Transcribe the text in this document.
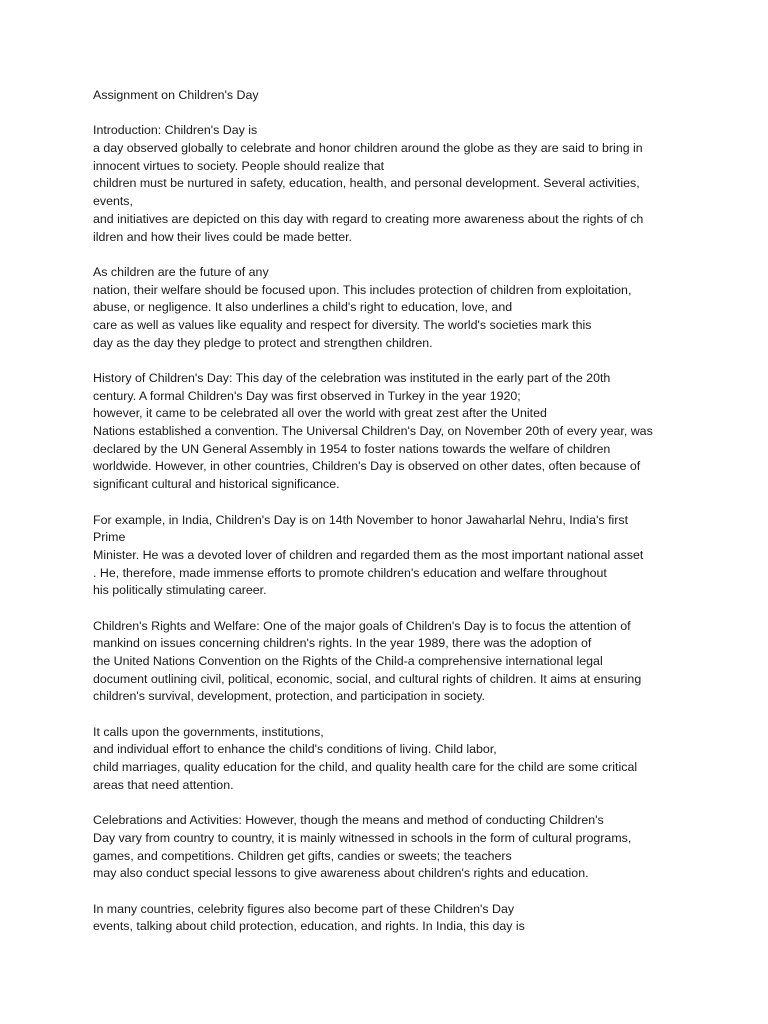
Assignment on Children's Day
Introduction: Children's Day is
a day observed globally to celebrate and honor children around the globe as they are said to bring in
innocent virtues to society. People should realize that
children must be nurtured in safety, education, health, and personal development. Several activities,
events,
and initiatives are depicted on this day with regard to creating more awareness about the rights of ch
ildren and how their lives could be made better.
As children are the future of any
nation, their welfare should be focused upon. This includes protection of children from exploitation,
abuse, or negligence. It also underlines a child's right to education, love, and
care as well as values like equality and respect for diversity. The world's societies mark this
day as the day they pledge to protect and strengthen children.
History of Children's Day: This day of the celebration was instituted in the early part of the 20th
century. A formal Children's Day was first observed in Turkey in the year 1920;
however, it came to be celebrated all over the world with great zest after the United
Nations established a convention. The Universal Children's Day, on November 20th of every year, was
declared by the UN General Assembly in 1954 to foster nations towards the welfare of children
worldwide. However, in other countries, Children's Day is observed on other dates, often because of
significant cultural and historical significance.
For example, in India, Children's Day is on 14th November to honor Jawaharlal Nehru, India's first
Prime
Minister. He was a devoted lover of children and regarded them as the most important national asset
. He, therefore, made immense efforts to promote children's education and welfare throughout
his politically stimulating career.
Children's Rights and Welfare: One of the major goals of Children's Day is to focus the attention of
mankind on issues concerning children's rights. In the year 1989, there was the adoption of
the United Nations Convention on the Rights of the Child-a comprehensive international legal
document outlining civil, political, economic, social, and cultural rights of children. It aims at ensuring
children's survival, development, protection, and participation in society.
It calls upon the governments, institutions,
and individual effort to enhance the child's conditions of living. Child labor,
child marriages, quality education for the child, and quality health care for the child are some critical
areas that need attention.
Celebrations and Activities: However, though the means and method of conducting Children's
Day vary from country to country, it is mainly witnessed in schools in the form of cultural programs,
games, and competitions. Children get gifts, candies or sweets; the teachers
may also conduct special lessons to give awareness about children's rights and education.
In many countries, celebrity figures also become part of these Children's Day
events, talking about child protection, education, and rights. In India, this day is
